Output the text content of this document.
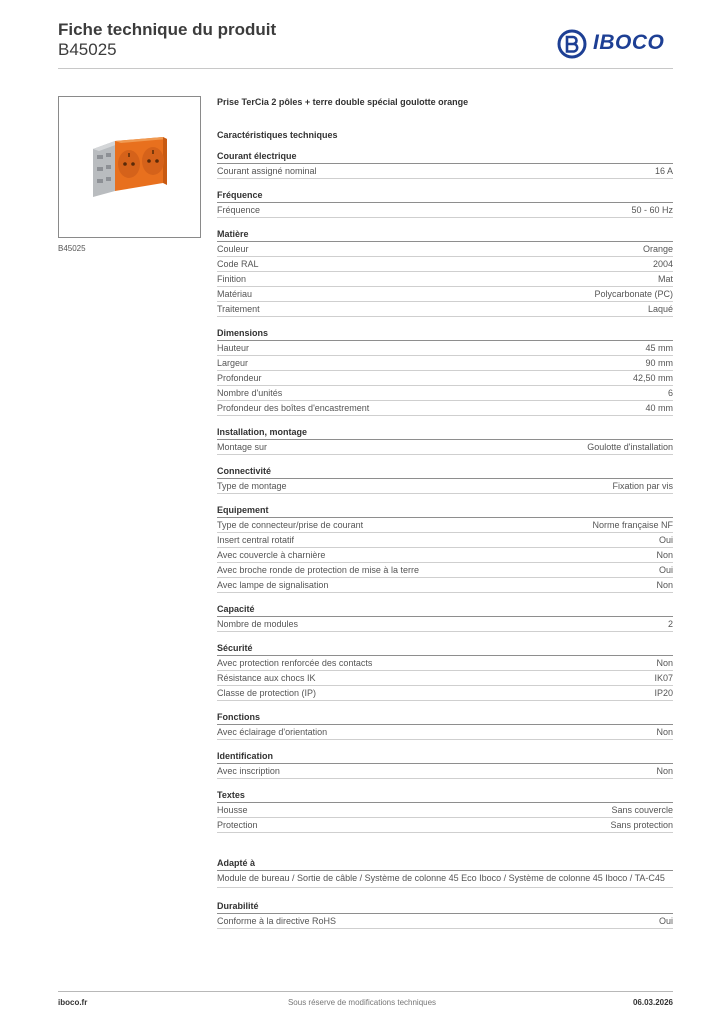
Fiche technique du produit
B45025	IBOCO
B45025
Prise TerCia 2 pôles + terre double spécial goulotte orange
Caractéristiques techniques
Courant électrique
Courant assigné nominal	16 A
Fréquence
Fréquence	50 - 60 Hz
Matière
Couleur	Orange
Code RAL	2004
Finition	Mat
Matériau	Polycarbonate (PC)
Traitement	Laqué
Dimensions
Hauteur	45 mm
Largeur	90 mm
Profondeur	42,50 mm
Nombre d'unités	6
Profondeur des boîtes d'encastrement	40 mm
Installation, montage
Montage sur	Goulotte d'installation
Connectivité
Type de montage	Fixation par vis
Equipement
Type de connecteur/prise de courant	Norme française NF
Insert central rotatif	Oui
Avec couvercle à charnière	Non
Avec broche ronde de protection de mise à la terre	Oui
Avec lampe de signalisation	Non
Capacité
Nombre de modules	2
Sécurité
Avec protection renforcée des contacts	Non
Résistance aux chocs IK	IK07
Classe de protection (IP)	IP20
Fonctions
Avec éclairage d'orientation	Non
Identification
Avec inscription	Non
Textes
Housse	Sans couvercle
Protection	Sans protection
Adapté à
Module de bureau / Sortie de câble / Système de colonne 45 Eco Iboco / Système de colonne 45 Iboco / TA-C45
Durabilité
Conforme à la directive RoHS	Oui
iboco.fr	Sous réserve de modifications techniques	06.03.2026
